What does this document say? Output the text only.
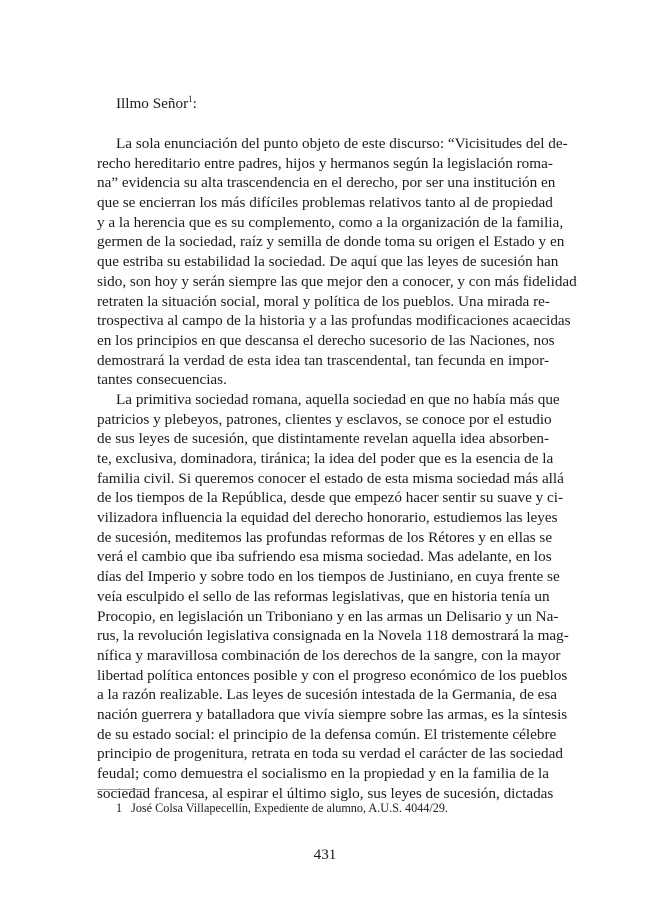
Illmo Señor$^1$:

La sola enunciación del punto objeto de este discurso: “Vicisitudes del de-
recho hereditario entre padres, hijos y hermanos según la legislación roma-
na” evidencia su alta trascendencia en el derecho, por ser una institución en
que se encierran los más difíciles problemas relativos tanto al de propiedad
y a la herencia que es su complemento, como a la organización de la familia,
germen de la sociedad, raíz y semilla de donde toma su origen el Estado y en
que estriba su estabilidad la sociedad. De aquí que las leyes de sucesión han
sido, son hoy y serán siempre las que mejor den a conocer, y con más fidelidad
retraten la situación social, moral y política de los pueblos. Una mirada re-
trospectiva al campo de la historia y a las profundas modificaciones acaecidas
en los principios en que descansa el derecho sucesorio de las Naciones, nos
demostrará la verdad de esta idea tan trascendental, tan fecunda en impor-
tantes consecuencias.
La primitiva sociedad romana, aquella sociedad en que no había más que
patricios y plebeyos, patrones, clientes y esclavos, se conoce por el estudio
de sus leyes de sucesión, que distintamente revelan aquella idea absorben-
te, exclusiva, dominadora, tiránica; la idea del poder que es la esencia de la
familia civil. Si queremos conocer el estado de esta misma sociedad más allá
de los tiempos de la República, desde que empezó hacer sentir su suave y ci-
vilizadora influencia la equidad del derecho honorario, estudiemos las leyes
de sucesión, meditemos las profundas reformas de los Rétores y en ellas se
verá el cambio que iba sufriendo esa misma sociedad. Mas adelante, en los
días del Imperio y sobre todo en los tiempos de Justiniano, en cuya frente se
veía esculpido el sello de las reformas legislativas, que en historia tenía un
Procopio, en legislación un Triboniano y en las armas un Delisario y un Na-
rus, la revolución legislativa consignada en la Novela 118 demostrará la mag-
nífica y maravillosa combinación de los derechos de la sangre, con la mayor
libertad política entonces posible y con el progreso económico de los pueblos
a la razón realizable. Las leyes de sucesión intestada de la Germania, de esa
nación guerrera y batalladora que vivía siempre sobre las armas, es la síntesis
de su estado social: el principio de la defensa común. El tristemente célebre
principio de progenitura, retrata en toda su verdad el carácter de las sociedad
feudal; como demuestra el socialismo en la propiedad y en la familia de la
sociedad francesa, al espirar el último siglo, sus leyes de sucesión, dictadas
1 José Colsa Villapecellín, Expediente de alumno, A.U.S. 4044/29.
431
